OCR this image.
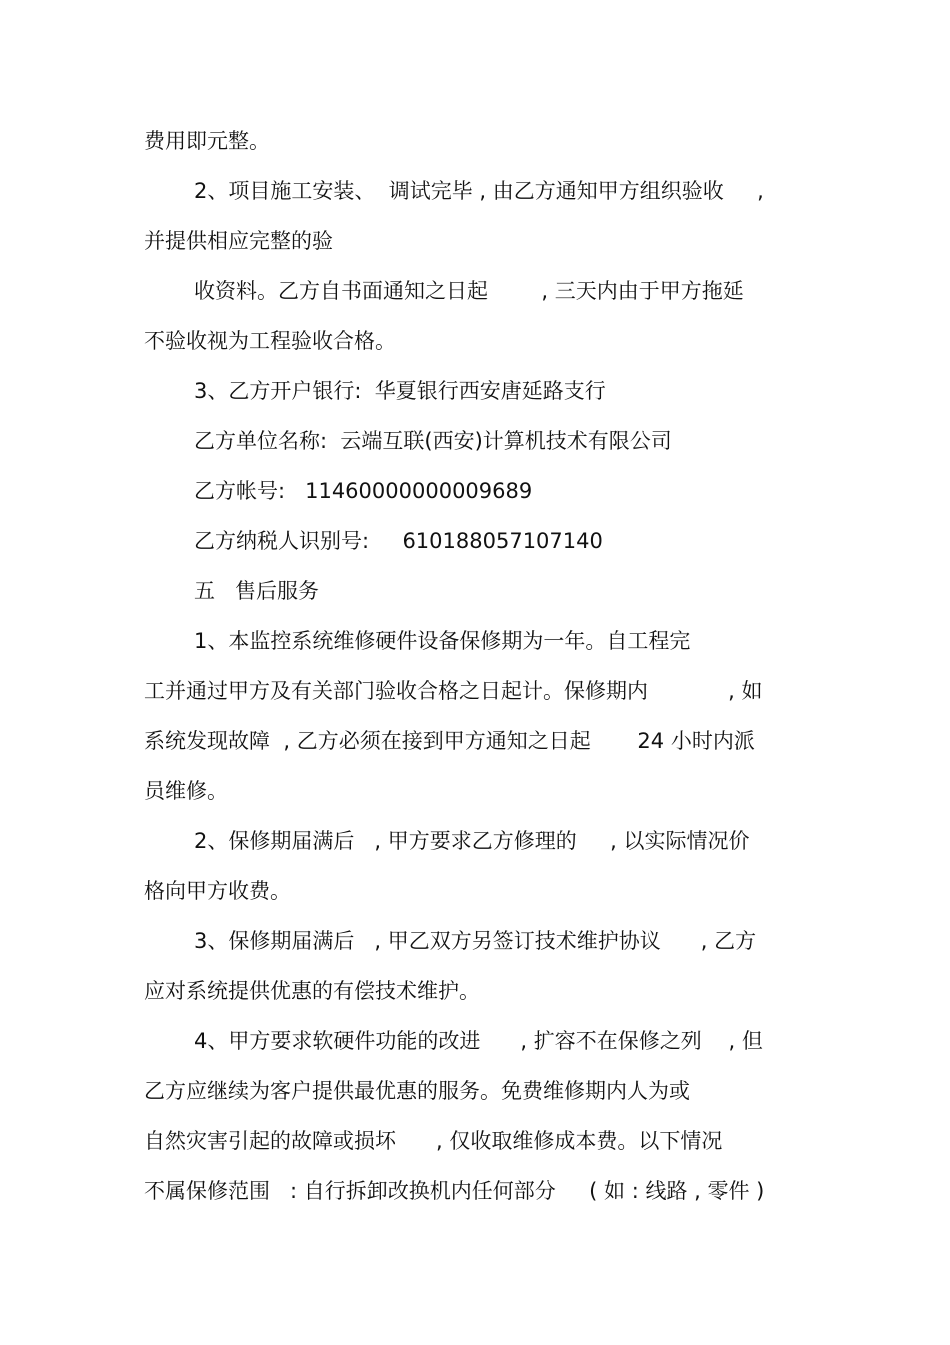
费用即元整。
2、项目施工安装、  调试完毕 , 由乙方通知甲方组织验收     ,
并提供相应完整的验
收资料。乙方自书面通知之日起        , 三天内由于甲方拖延
不验收视为工程验收合格。
3、乙方开户银行:  华夏银行西安唐延路支行
乙方单位名称:  云端互联(西安)计算机技术有限公司
乙方帐号:   11460000000009689
乙方纳税人识别号:     610188057107140
五   售后服务
1、本监控系统维修硬件设备保修期为一年。自工程完
工并通过甲方及有关部门验收合格之日起计。保修期内            , 如
系统发现故障  , 乙方必须在接到甲方通知之日起       24 小时内派
员维修。
2、保修期届满后   , 甲方要求乙方修理的     , 以实际情况价
格向甲方收费。
3、保修期届满后   , 甲乙双方另签订技术维护协议      , 乙方
应对系统提供优惠的有偿技术维护。
4、甲方要求软硬件功能的改进      , 扩容不在保修之列    , 但
乙方应继续为客户提供最优惠的服务。免费维修期内人为或
自然灾害引起的故障或损坏      , 仅收取维修成本费。以下情况
不属保修范围   : 自行拆卸改换机内任何部分     ( 如 : 线路 , 零件 )
